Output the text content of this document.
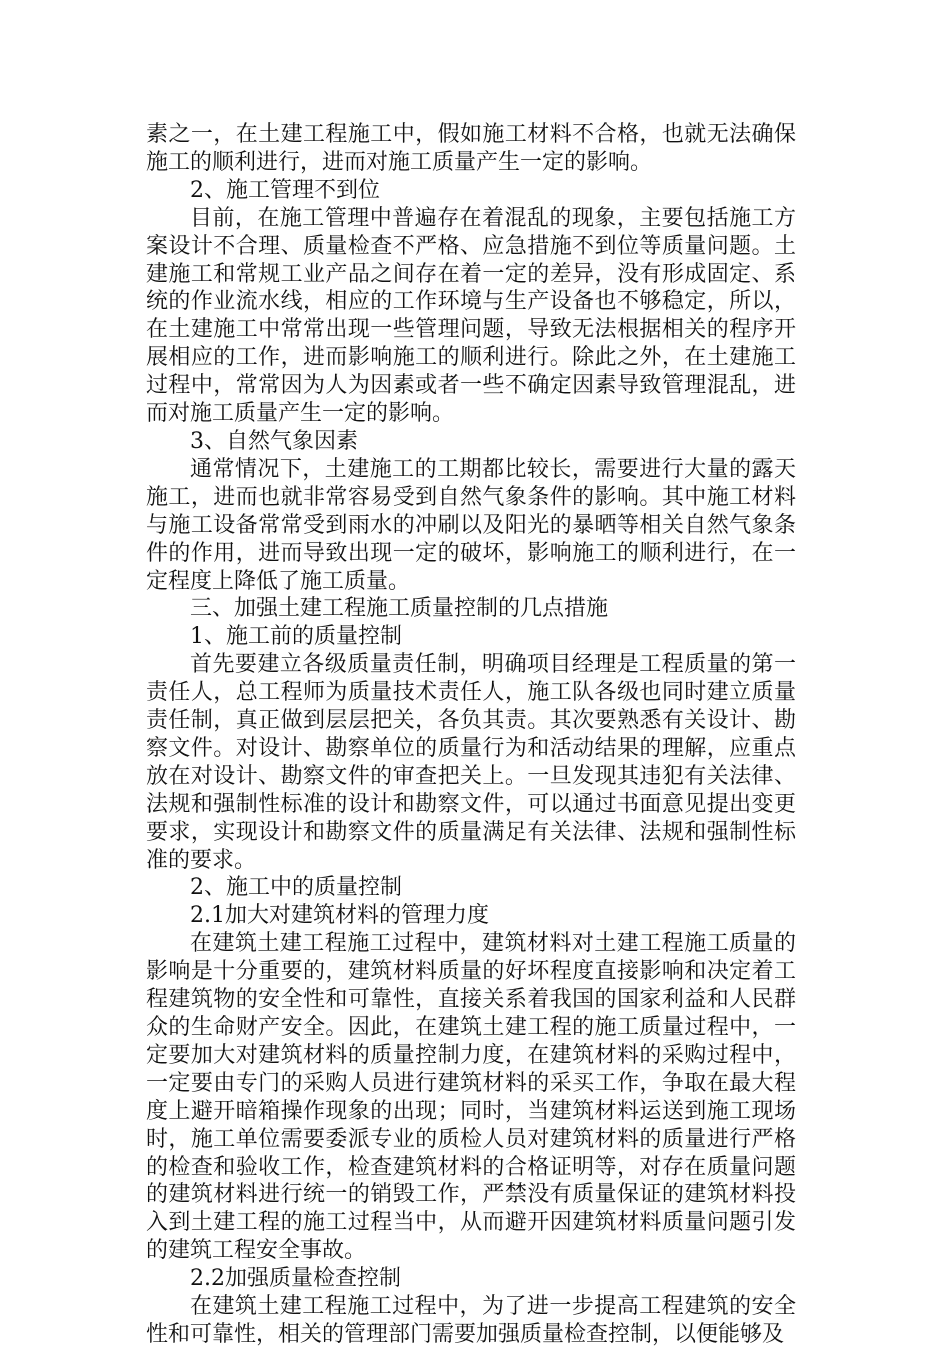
素之一，在土建工程施工中，假如施工材料不合格，也就无法确保施工的顺利进行，进而对施工质量产生一定的影响。

2、施工管理不到位

目前，在施工管理中普遍存在着混乱的现象，主要包括施工方案设计不合理、质量检查不严格、应急措施不到位等质量问题。土建施工和常规工业产品之间存在着一定的差异，没有形成固定、系统的作业流水线，相应的工作环境与生产设备也不够稳定，所以，在土建施工中常常出现一些管理问题，导致无法根据相关的程序开展相应的工作，进而影响施工的顺利进行。除此之外，在土建施工过程中，常常因为人为因素或者一些不确定因素导致管理混乱，进而对施工质量产生一定的影响。

3、自然气象因素

通常情况下，土建施工的工期都比较长，需要进行大量的露天施工，进而也就非常容易受到自然气象条件的影响。其中施工材料与施工设备常常受到雨水的冲刷以及阳光的暴晒等相关自然气象条件的作用，进而导致出现一定的破坏，影响施工的顺利进行，在一定程度上降低了施工质量。

三、加强土建工程施工质量控制的几点措施

1、施工前的质量控制

首先要建立各级质量责任制，明确项目经理是工程质量的第一责任人，总工程师为质量技术责任人，施工队各级也同时建立质量责任制，真正做到层层把关，各负其责。其次要熟悉有关设计、勘察文件。对设计、勘察单位的质量行为和活动结果的理解，应重点放在对设计、勘察文件的审查把关上。一旦发现其违犯有关法律、法规和强制性标准的设计和勘察文件，可以通过书面意见提出变更要求，实现设计和勘察文件的质量满足有关法律、法规和强制性标准的要求。

2、施工中的质量控制

2.1加大对建筑材料的管理力度

在建筑土建工程施工过程中，建筑材料对土建工程施工质量的影响是十分重要的，建筑材料质量的好坏程度直接影响和决定着工程建筑物的安全性和可靠性，直接关系着我国的国家利益和人民群众的生命财产安全。因此，在建筑土建工程的施工质量过程中，一定要加大对建筑材料的质量控制力度，在建筑材料的采购过程中，一定要由专门的采购人员进行建筑材料的采买工作，争取在最大程度上避开暗箱操作现象的出现；同时，当建筑材料运送到施工现场时，施工单位需要委派专业的质检人员对建筑材料的质量进行严格的检查和验收工作，检查建筑材料的合格证明等，对存在质量问题的建筑材料进行统一的销毁工作，严禁没有质量保证的建筑材料投入到土建工程的施工过程当中，从而避开因建筑材料质量问题引发的建筑工程安全事故。

2.2加强质量检查控制

在建筑土建工程施工过程中，为了进一步提高工程建筑的安全性和可靠性，相关的管理部门需要加强质量检查控制，以便能够及
